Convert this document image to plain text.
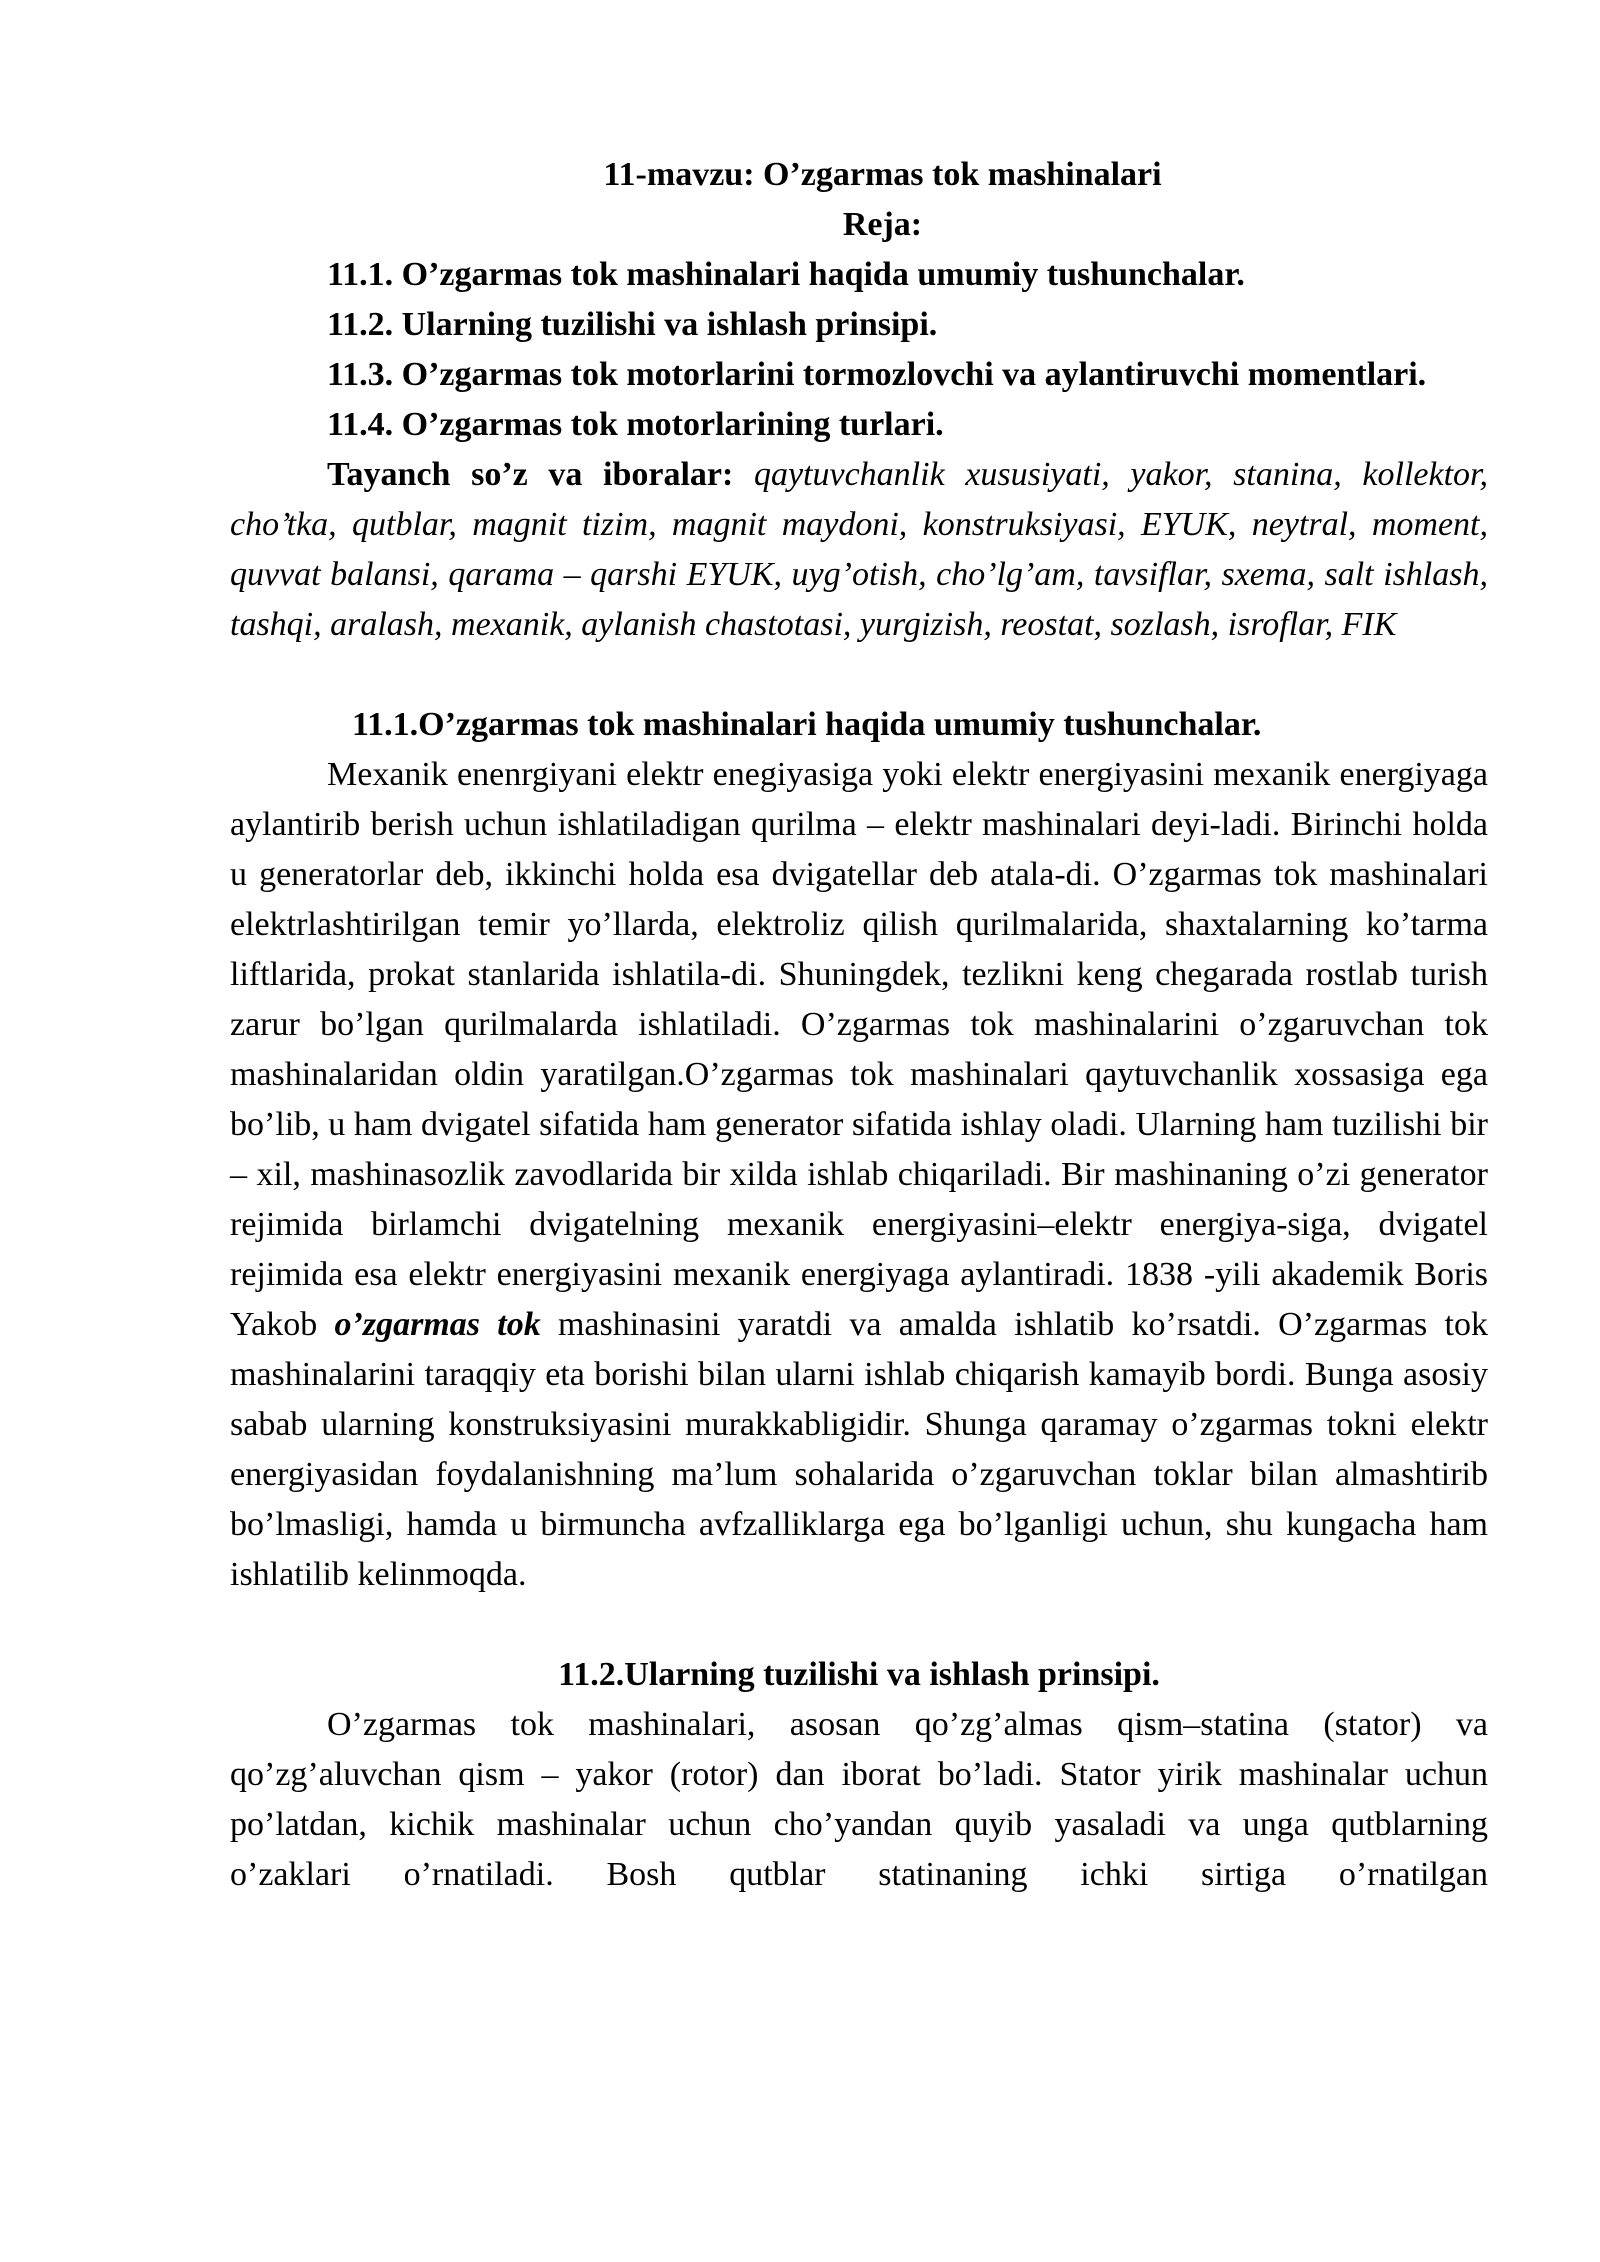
11-mavzu: O’zgarmas tok mashinalari

Reja:

11.1. O’zgarmas tok mashinalari haqida umumiy tushunchalar.

11.2. Ularning tuzilishi va ishlash prinsipi.

11.3. O’zgarmas tok motorlarini tormozlovchi va aylantiruvchi momentlari.

11.4. O’zgarmas tok motorlarining turlari.

Tayanch so’z va iboralar: qaytuvchanlik xususiyati, yakor, stanina, kollektor, cho’tka, qutblar, magnit tizim, magnit maydoni, konstruksiyasi, EYUK, neytral, moment, quvvat balansi, qarama – qarshi EYUK, uyg’otish, cho’lg’am, tavsiflar, sxema, salt ishlash, tashqi, aralash, mexanik, aylanish chastotasi, yurgizish, reostat, sozlash, isroflar, FIK

11.1.O’zgarmas tok mashinalari haqida umumiy tushunchalar.

Mexanik enenrgiyani elektr enegiyasiga yoki elektr energiyasini mexanik energiyaga aylantirib berish uchun ishlatiladigan qurilma – elektr mashinalari deyi-ladi. Birinchi holda u generatorlar deb, ikkinchi holda esa dvigatellar deb atala-di. O’zgarmas tok mashinalari elektrlashtirilgan temir yo’llarda, elektroliz qilish qurilmalarida, shaxtalarning ko’tarma liftlarida, prokat stanlarida ishlatila-di. Shuningdek, tezlikni keng chegarada rostlab turish zarur bo’lgan qurilmalarda ishlatiladi. O’zgarmas tok mashinalarini o’zgaruvchan tok mashinalaridan oldin yaratilgan.O’zgarmas tok mashinalari qaytuvchanlik xossasiga ega bo’lib, u ham dvigatel sifatida ham generator sifatida ishlay oladi. Ularning ham tuzilishi bir – xil, mashinasozlik zavodlarida bir xilda ishlab chiqariladi. Bir mashinaning o’zi generator rejimida birlamchi dvigatelning mexanik energiyasini–elektr energiya-siga, dvigatel rejimida esa elektr energiyasini mexanik energiyaga aylantiradi. 1838 -yili akademik Boris Yakob o’zgarmas tok mashinasini yaratdi va amalda ishlatib ko’rsatdi. O’zgarmas tok mashinalarini taraqqiy eta borishi bilan ularni ishlab chiqarish kamayib bordi. Bunga asosiy sabab ularning konstruksiyasini murakkabligidir. Shunga qaramay o’zgarmas tokni elektr energiyasidan foydalanishning ma’lum sohalarida o’zgaruvchan toklar bilan almashtirib bo’lmasligi, hamda u birmuncha avfzalliklarga ega bo’lganligi uchun, shu kungacha ham ishlatilib kelinmoqda.

11.2.Ularning tuzilishi va ishlash prinsipi.

O’zgarmas tok mashinalari, asosan qo’zg’almas qism–statina (stator) va qo’zg’aluvchan qism – yakor (rotor) dan iborat bo’ladi. Stator yirik mashinalar uchun po’latdan, kichik mashinalar uchun cho’yandan quyib yasaladi va unga qutblarning o’zaklari o’rnatiladi. Bosh qutblar statinaning ichki sirtiga o’rnatilgan
